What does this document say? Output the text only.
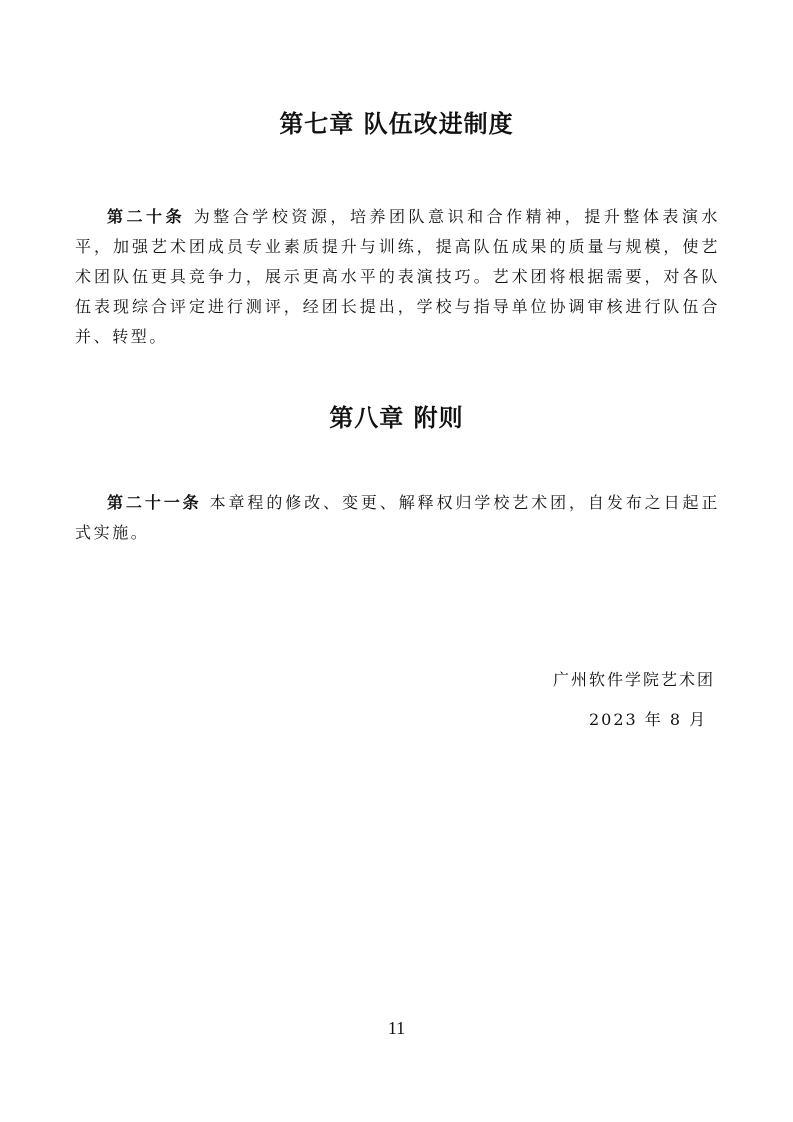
第七章 队伍改进制度

第二十条 为整合学校资源，培养团队意识和合作精神，提升整体表演水平，加强艺术团成员专业素质提升与训练，提高队伍成果的质量与规模，使艺术团队伍更具竞争力，展示更高水平的表演技巧。艺术团将根据需要，对各队伍表现综合评定进行测评，经团长提出，学校与指导单位协调审核进行队伍合并、转型。

第八章 附则

第二十一条 本章程的修改、变更、解释权归学校艺术团，自发布之日起正式实施。

广州软件学院艺术团

2023 年 8 月

11
